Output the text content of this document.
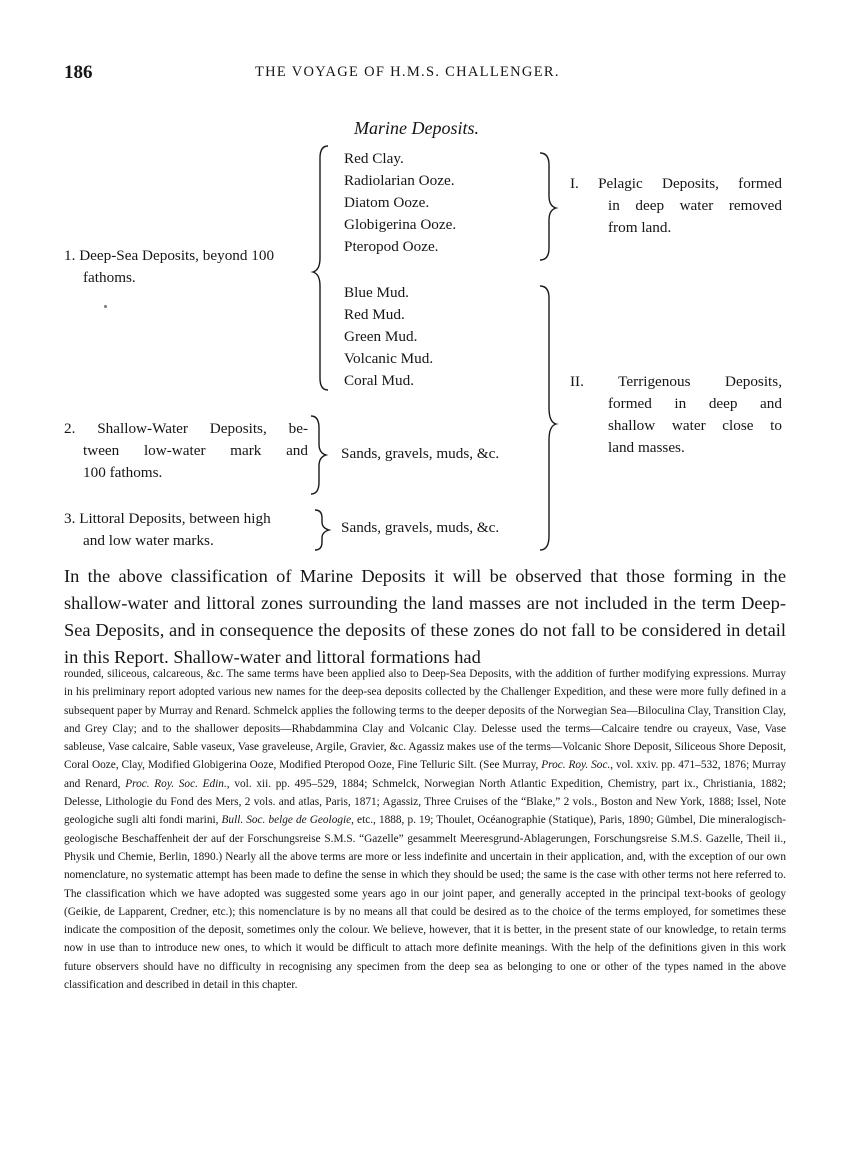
186	THE VOYAGE OF H.M.S. CHALLENGER.
Marine Deposits.
1. Deep-Sea Deposits, beyond 100
fathoms.
2. Shallow-Water Deposits, be-
tween low-water mark and
100 fathoms.
3. Littoral Deposits, between high
and low water marks.
Red Clay.
Radiolarian Ooze.
Diatom Ooze.
Globigerina Ooze.
Pteropod Ooze.
Blue Mud.
Red Mud.
Green Mud.
Volcanic Mud.
Coral Mud.
Sands, gravels, muds, &c.
Sands, gravels, muds, &c.
I. Pelagic Deposits, formed
in deep water removed
from land.
II. Terrigenous Deposits,
formed in deep and
shallow water close to
land masses.
In the above classification of Marine Deposits it will be observed that those forming in the shallow-water and littoral zones surrounding the land masses are not included in the term Deep-Sea Deposits, and in consequence the deposits of these zones do not fall to be considered in detail in this Report. Shallow-water and littoral formations had
rounded, siliceous, calcareous, &c. The same terms have been applied also to Deep-Sea Deposits, with the addition of further modifying expressions. Murray in his preliminary report adopted various new names for the deep-sea deposits collected by the Challenger Expedition, and these were more fully defined in a subsequent paper by Murray and Renard. Schmelck applies the following terms to the deeper deposits of the Norwegian Sea—Biloculina Clay, Transition Clay, and Grey Clay; and to the shallower deposits—Rhabdammina Clay and Volcanic Clay. Delesse used the terms—Calcaire tendre ou crayeux, Vase, Vase sableuse, Vase calcaire, Sable vaseux, Vase graveleuse, Argile, Gravier, &c. Agassiz makes use of the terms—Volcanic Shore Deposit, Siliceous Shore Deposit, Coral Ooze, Clay, Modified Globigerina Ooze, Modified Pteropod Ooze, Fine Telluric Silt. (See Murray, Proc. Roy. Soc., vol. xxiv. pp. 471–532, 1876; Murray and Renard, Proc. Roy. Soc. Edin., vol. xii. pp. 495–529, 1884; Schmelck, Norwegian North Atlantic Expedition, Chemistry, part ix., Christiania, 1882; Delesse, Lithologie du Fond des Mers, 2 vols. and atlas, Paris, 1871; Agassiz, Three Cruises of the “Blake,” 2 vols., Boston and New York, 1888; Issel, Note geologiche sugli alti fondi marini, Bull. Soc. belge de Geologie, etc., 1888, p. 19; Thoulet, Océanographie (Statique), Paris, 1890; Gümbel, Die mineralogisch-geologische Beschaffenheit der auf der Forschungsreise S.M.S. “Gazelle” gesammelt Meeresgrund-Ablagerungen, Forschungsreise S.M.S. Gazelle, Theil ii., Physik und Chemie, Berlin, 1890.) Nearly all the above terms are more or less indefinite and uncertain in their application, and, with the exception of our own nomenclature, no systematic attempt has been made to define the sense in which they should be used; the same is the case with other terms not here referred to. The classification which we have adopted was suggested some years ago in our joint paper, and generally accepted in the principal text-books of geology (Geikie, de Lapparent, Credner, etc.); this nomenclature is by no means all that could be desired as to the choice of the terms employed, for sometimes these indicate the composition of the deposit, sometimes only the colour. We believe, however, that it is better, in the present state of our knowledge, to retain terms now in use than to introduce new ones, to which it would be difficult to attach more definite meanings. With the help of the definitions given in this work future observers should have no difficulty in recognising any specimen from the deep sea as belonging to one or other of the types named in the above classification and described in detail in this chapter.
